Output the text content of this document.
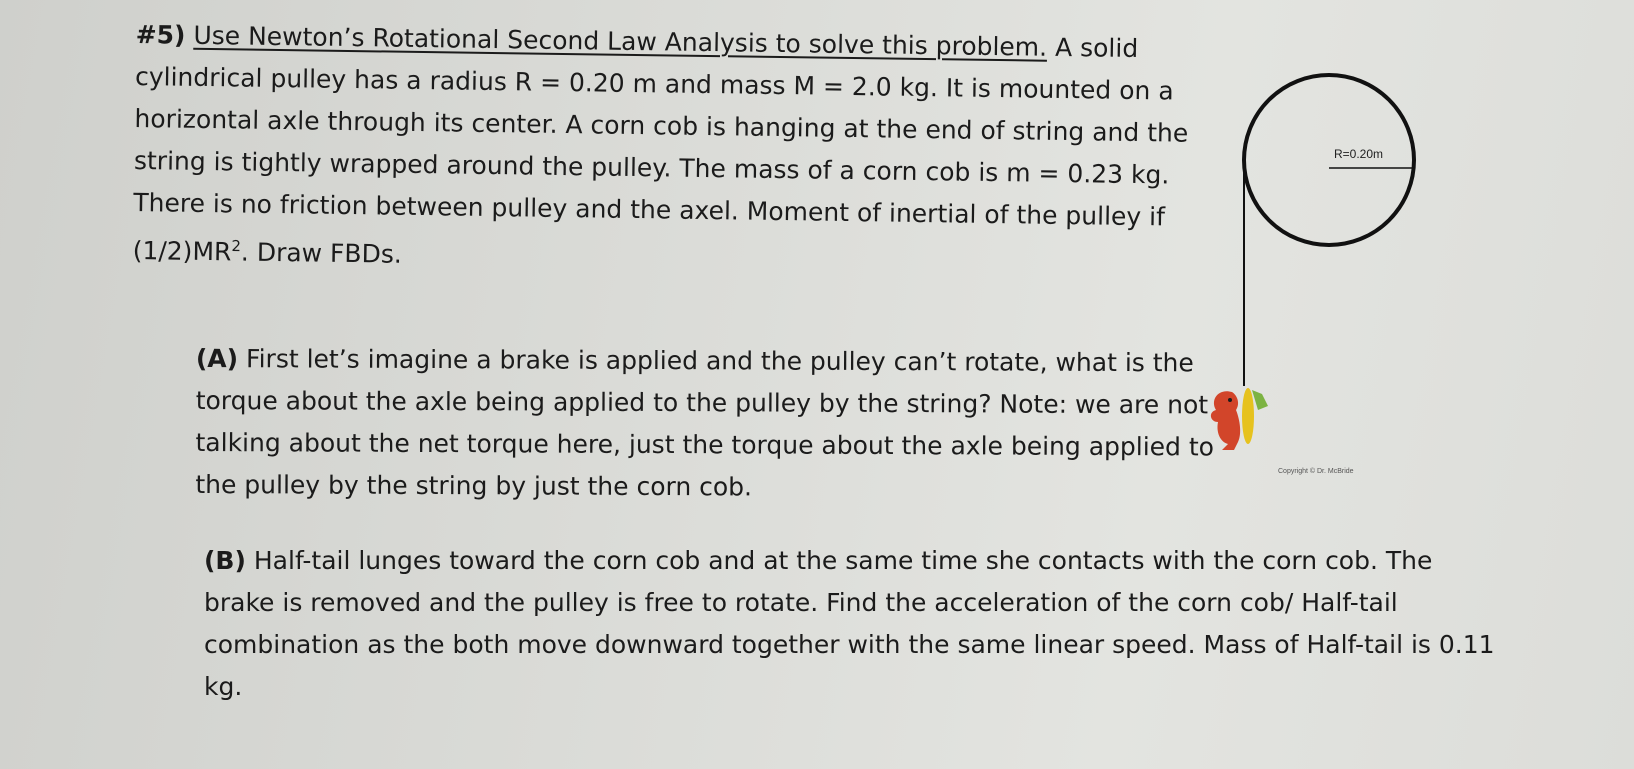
#5) Use Newton’s Rotational Second Law Analysis to solve this problem. A solid cylindrical pulley has a radius R = 0.20 m and mass M = 2.0 kg. It is mounted on a horizontal axle through its center. A corn cob is hanging at the end of string and the string is tightly wrapped around the pulley. The mass of a corn cob is m = 0.23 kg. There is no friction between pulley and the axel. Moment of inertial of the pulley if $(1/2)MR^2$. Draw FBDs.

(A) First let’s imagine a brake is applied and the pulley can’t rotate, what is the torque about the axle being applied to the pulley by the string? Note: we are not talking about the net torque here, just the torque about the axle being applied to the pulley by the string by just the corn cob.

(B) Half-tail lunges toward the corn cob and at the same time she contacts with the corn cob. The brake is removed and the pulley is free to rotate. Find the acceleration of the corn cob/ Half-tail combination as the both move downward together with the same linear speed. Mass of Half-tail is 0.11 kg.

R=0.20m
Copyright © Dr. McBride
